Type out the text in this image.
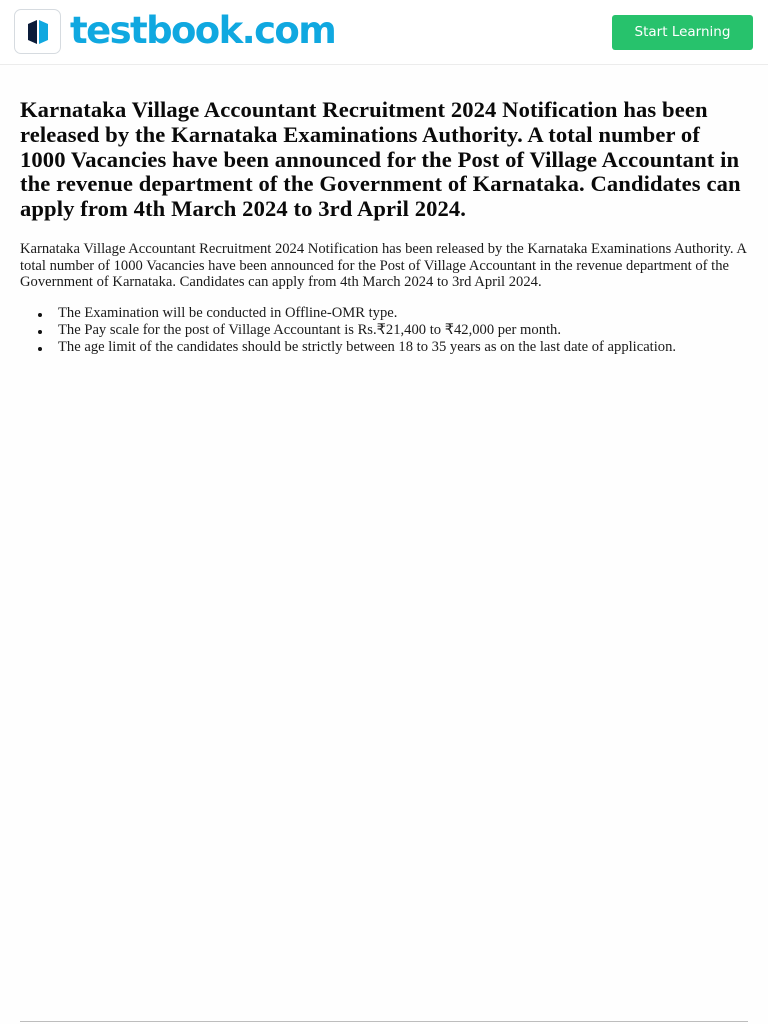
testbook.com	Start Learning
Karnataka Village Accountant Recruitment 2024 Notification has been released by the Karnataka Examinations Authority. A total number of 1000 Vacancies have been announced for the Post of Village Accountant in the revenue department of the Government of Karnataka. Candidates can apply from 4th March 2024 to 3rd April 2024.

Karnataka Village Accountant Recruitment 2024 Notification has been released by the Karnataka Examinations Authority. A total number of 1000 Vacancies have been announced for the Post of Village Accountant in the revenue department of the Government of Karnataka. Candidates can apply from 4th March 2024 to 3rd April 2024.

The Examination will be conducted in Offline-OMR type.
The Pay scale for the post of Village Accountant is Rs.₹21,400 to ₹42,000 per month.
The age limit of the candidates should be strictly between 18 to 35 years as on the last date of application.
